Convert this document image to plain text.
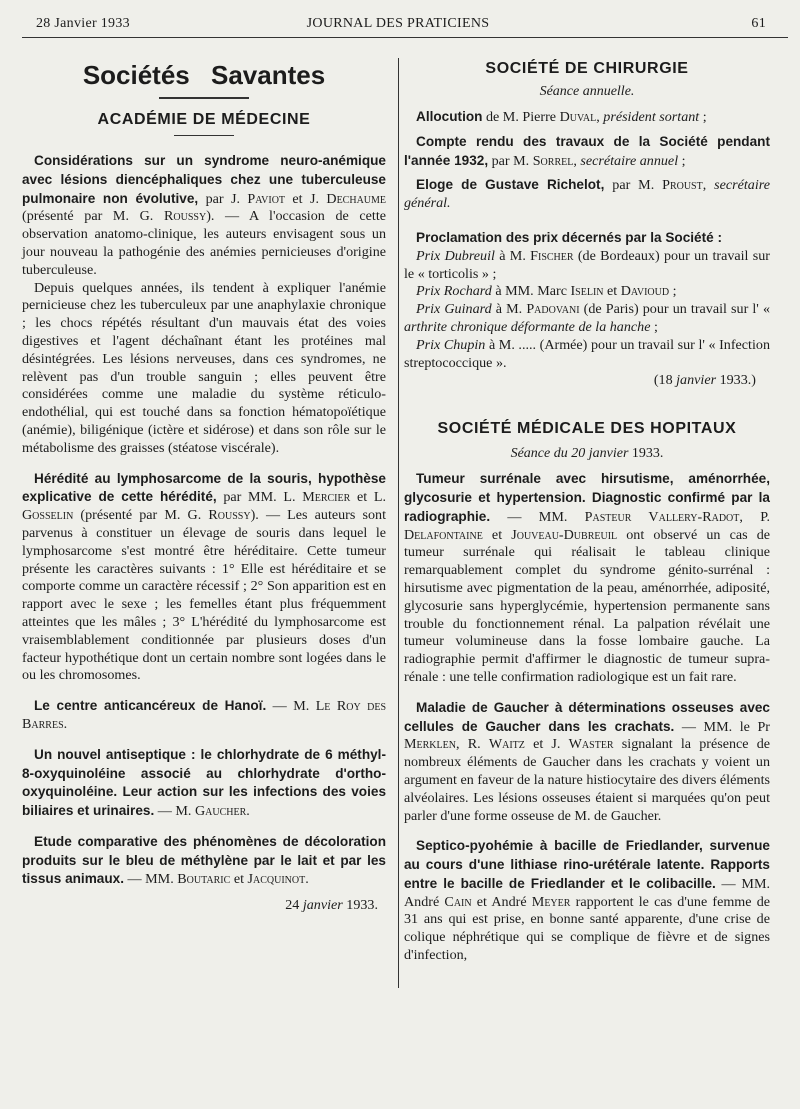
28 Janvier 1933	JOURNAL DES PRATICIENS	61
Sociétés Savantes
ACADÉMIE DE MÉDECINE

Considérations sur un syndrome neuro-anémique avec lésions diencéphaliques chez une tuberculeuse pulmonaire non évolutive, par J. Paviot et J. Dechaume (présenté par M. G. Roussy). — A l'occasion de cette observation anatomo-clinique, les auteurs envisagent sous un jour nouveau la pathogénie des anémies pernicieuses d'origine tuberculeuse.

Depuis quelques années, ils tendent à expliquer l'anémie pernicieuse chez les tuberculeux par une anaphylaxie chronique ; les chocs répétés résultant d'un mauvais état des voies digestives et l'agent déchaînant étant les protéines mal désintégrées. Les lésions nerveuses, dans ces syndromes, ne relèvent pas d'un trouble sanguin ; elles peuvent être considérées comme une maladie du système réticulo-endothélial, qui est touché dans sa fonction hématopoïétique (anémie), biligénique (ictère et sidérose) et dans son rôle sur le métabolisme des graisses (stéatose viscérale).

Hérédité au lymphosarcome de la souris, hypothèse explicative de cette hérédité, par MM. L. Mercier et L. Gosselin (présenté par M. G. Roussy). — Les auteurs sont parvenus à constituer un élevage de souris dans lequel le lymphosarcome s'est montré être héréditaire. Cette tumeur présente les caractères suivants : 1° Elle est héréditaire et se comporte comme un caractère récessif ; 2° Son apparition est en rapport avec le sexe ; les femelles étant plus fréquemment atteintes que les mâles ; 3° L'hérédité du lymphosarcome est vraisemblablement conditionnée par plusieurs doses d'un facteur hypothétique dont un certain nombre sont logées dans le ou les chromosomes.

Le centre anticancéreux de Hanoï. — M. Le Roy des Barres.

Un nouvel antiseptique : le chlorhydrate de 6 méthyl-8-oxyquinoléine associé au chlorhydrate d'ortho-oxyquinoléine. Leur action sur les infections des voies biliaires et urinaires. — M. Gaucher.

Etude comparative des phénomènes de décoloration produits sur le bleu de méthylène par le lait et par les tissus animaux. — MM. Boutaric et Jacquinot.

24 janvier 1933.

SOCIÉTÉ DE CHIRURGIE
Séance annuelle.

Allocution de M. Pierre Duval, président sortant ;

Compte rendu des travaux de la Société pendant l'année 1932, par M. Sorrel, secrétaire annuel ;

Eloge de Gustave Richelot, par M. Proust, secrétaire général.

Proclamation des prix décernés par la Société :

Prix Dubreuil à M. Fischer (de Bordeaux) pour un travail sur le « torticolis » ;

Prix Rochard à MM. Marc Iselin et Davioud ;

Prix Guinard à M. Padovani (de Paris) pour un travail sur l' « arthrite chronique déformante de la hanche ;

Prix Chupin à M. ..... (Armée) pour un travail sur l' « Infection streptococcique ».

(18 janvier 1933.)

SOCIÉTÉ MÉDICALE DES HOPITAUX
Séance du 20 janvier 1933.

Tumeur surrénale avec hirsutisme, aménorrhée, glycosurie et hypertension. Diagnostic confirmé par la radiographie. — MM. Pasteur Vallery-Radot, P. Delafontaine et Jouveau-Dubreuil ont observé un cas de tumeur surrénale qui réalisait le tableau clinique remarquablement complet du syndrome génito-surrénal : hirsutisme avec pigmentation de la peau, aménorrhée, adiposité, glycosurie sans hyperglycémie, hypertension permanente sans trouble du fonctionnement rénal. La palpation révélait une tumeur volumineuse dans la fosse lombaire gauche. La radiographie permit d'affirmer le diagnostic de tumeur supra-rénale : une telle confirmation radiologique est un fait rare.

Maladie de Gaucher à déterminations osseuses avec cellules de Gaucher dans les crachats. — MM. le Pr Merklen, R. Waitz et J. Waster signalant la présence de nombreux éléments de Gaucher dans les crachats y voient un argument en faveur de la nature histiocytaire des divers éléments alvéolaires. Les lésions osseuses étaient si marquées qu'on peut parler d'une forme osseuse de M. de Gaucher.

Septico-pyohémie à bacille de Friedlander, survenue au cours d'une lithiase rino-urétérale latente. Rapports entre le bacille de Friedlander et le colibacille. — MM. André Cain et André Meyer rapportent le cas d'une femme de 31 ans qui est prise, en bonne santé apparente, d'une crise de colique néphrétique qui se complique de fièvre et de signes d'infection,
